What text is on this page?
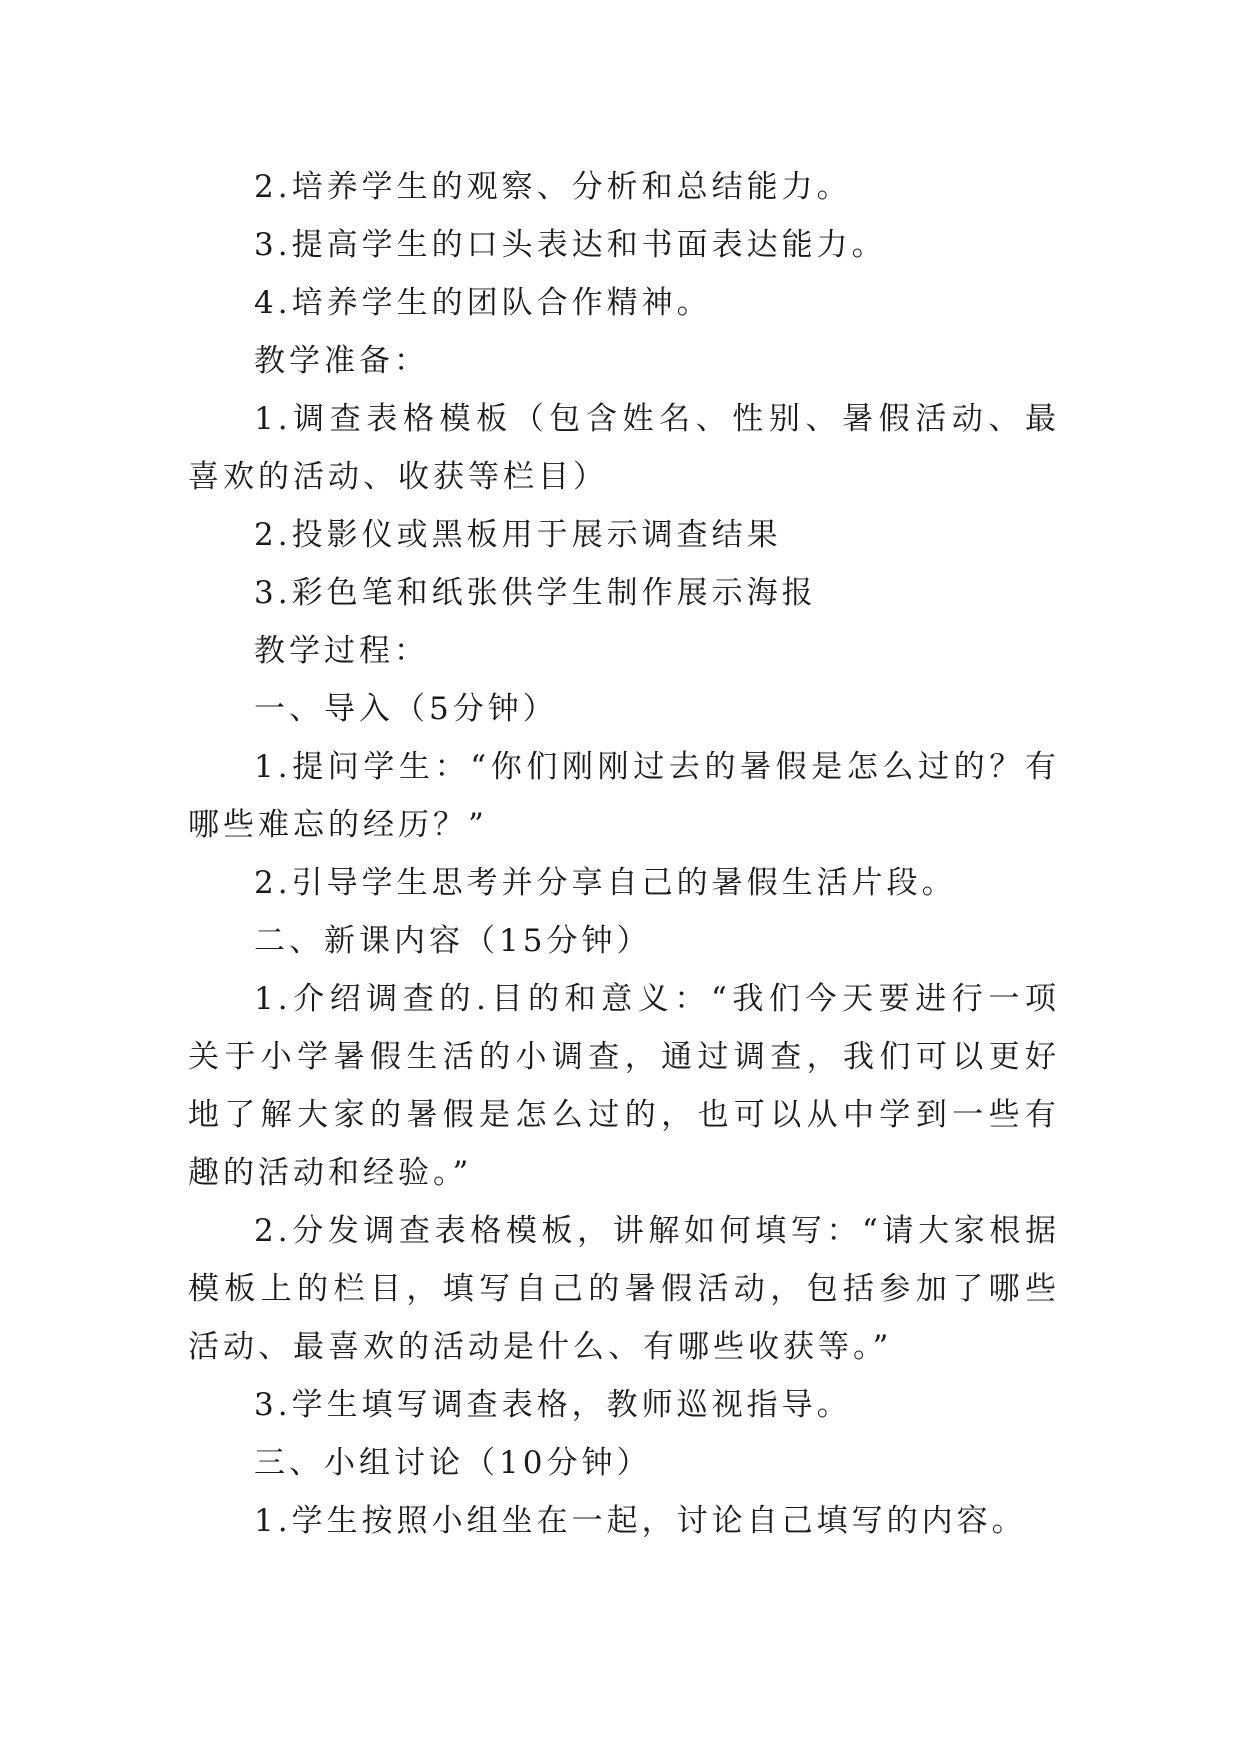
2.培养学生的观察、分析和总结能力。

3.提高学生的口头表达和书面表达能力。

4.培养学生的团队合作精神。

教学准备：

1.调查表格模板（包含姓名、性别、暑假活动、最喜欢的活动、收获等栏目）

2.投影仪或黑板用于展示调查结果

3.彩色笔和纸张供学生制作展示海报

教学过程：

一、导入（5分钟）

1.提问学生：“你们刚刚过去的暑假是怎么过的？有哪些难忘的经历？”

2.引导学生思考并分享自己的暑假生活片段。

二、新课内容（15分钟）

1.介绍调查的.目的和意义：“我们今天要进行一项关于小学暑假生活的小调查，通过调查，我们可以更好地了解大家的暑假是怎么过的，也可以从中学到一些有趣的活动和经验。”

2.分发调查表格模板，讲解如何填写：“请大家根据模板上的栏目，填写自己的暑假活动，包括参加了哪些活动、最喜欢的活动是什么、有哪些收获等。”

3.学生填写调查表格，教师巡视指导。

三、小组讨论（10分钟）

1.学生按照小组坐在一起，讨论自己填写的内容。
